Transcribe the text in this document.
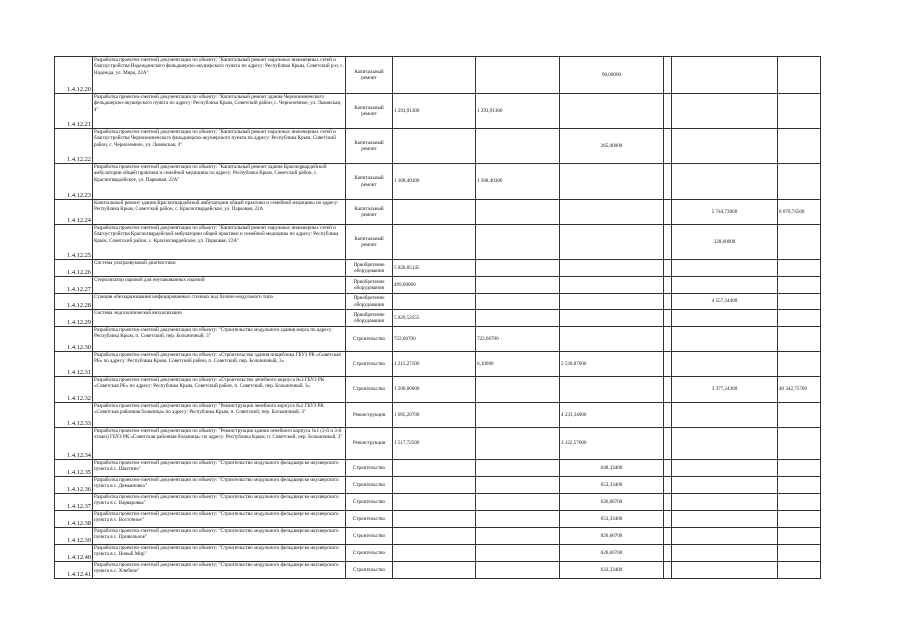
1.4.12.20	Разработка проектно-сметной документации по объекту: "Капитальный ремонт наружных инженерных сетей и благоустройства Надеждинского фельдшерско-акушерского пункта по адресу: Республика Крым, Советский р-н, с. Надежда, ул. Мира, 22А"	Капитальный ремонт			90,00000			
1.4.12.21	Разработка проектно-сметной документации по объекту: "Капитальный ремонт здания Черноземненского фельдшерско-акушерского пункта по адресу: Республика Крым, Советский район, с. Черноземное, ул. Львовская, 4"	Капитальный ремонт	1 293,91300	1 293,91300				
1.4.12.22	Разработка проектно-сметной документации по объекту: "Капитальный ремонт наружных инженерных сетей и благоустройства Черноземненского фельдшерско-акушерского пункта по адресу: Республика Крым, Советский район, с. Черноземное, ул. Львовская, 4"	Капитальный ремонт			265,00000			
1.4.12.23	Разработка проектно-сметной документации по объекту: "Капитальный ремонт здания Краснogвардейской амбулатории общей практики и семейной медицины по адресу: Республика Крым, Советский район, с. Красногвардейское, ул. Парковая, 22А"	Капитальный ремонт	1 308,40300	1 308,40300				
1.4.12.24	Капитальный ремонт здания Красногвардейской амбулатории общей практики и семейной медицины по адресу: Республика Крым, Советский район, с. Красногвардейское, ул. Парковая, 22А	Капитальный ремонт					5 744,73000	8 070,74500
1.4.12.25	Разработка проектно-сметной документации по объекту: "Капитальный ремонт наружных инженерных сетей и благоустройства Красногвардейской амбулатории общей практики и семейной медицины по адресу: Республика Крым, Советский район, с. Красногвардейское, ул. Парковая, 22А"	Капитальный ремонт					328,60000	
1.4.12.26	Система ультразвуковой диагностики	Приобретение оборудования	5 820,05145					
1.4.12.27	Стерилизатор паровой для неупакованных изделий	Приобретение оборудования	499,00000					
1.4.12.28	Станция обеззараживания инфицированных сточных вод блочно-модульного типа	Приобретение оборудования					4 557,34400	
1.4.12.29	Система эндоскопической визуализации	Приобретение оборудования	5 829,52555					
1.4.12.30	Разработка проектно-сметной документации по объекту: "Строительство модульного здания морга по адресу: Республика Крым, п. Советский, пер. Больничный, 3"	Строительство	722,66700	722,66700				
1.4.12.31	Разработка проектно-сметной документации по объекту: «Строительство здания пищеблока ГБУЗ РК «Советская РБ» по адресу: Республика Крым, Советский район, п. Советский, пер. Больничный, 3»	Строительство	1 215,27500	0,10000	2 530,87000			
1.4.12.32	Разработка проектно-сметной документации по объекту: «Строительство лечебного корпуса №3 ГБУЗ РК «Советская РБ» по адресу: Республика Крым, Советский район, п. Советский, пер. Больничный, 3»	Строительство	1 200,00000				3 377,24300	40 342,75700
1.4.12.33	Разработка проектно-сметной документации по объекту: "Реконструкция лечебного корпуса №2 ГБУЗ РК «Советская районная больница» по адресу: Республика Крым, п. Советский, пер. Больничный, 3"	Реконструкция	1 095,20700		4 233,34000			
1.4.12.34	Разработка проектно-сметной документации по объекту: "Реконструкция здания лечебного корпуса №1 (2-й и 3-й этажи) ГБУЗ РК «Советская районная больница» по адресу: Республика Крым, п. Советский, пер. Больничный, 3"	Реконструкция	1 517,72500		3 122,57000			
1.4.12.35	Разработка проектно-сметной документации по объекту: "Строительство модульного фельдшерско-акушерского пункта в с. Шахтино"	Строительство			648,33400			
1.4.12.36	Разработка проектно-сметной документации по объекту: "Строительство модульного фельдшерско-акушерского пункта в с. Демьяновка"	Строительство			653,33400			
1.4.12.37	Разработка проектно-сметной документации по объекту: "Строительство модульного фельдшерско-акушерского пункта в с. Варваровка"	Строительство			626,66700			
1.4.12.38	Разработка проектно-сметной документации по объекту: "Строительство модульного фельдшерско-акушерского пункта в с. Восточное"	Строительство			653,33400			
1.4.12.39	Разработка проектно-сметной документации по объекту: "Строительство модульного фельдшерско-акушерского пункта в с. Привольное"	Строительство			826,66700			
1.4.12.40	Разработка проектно-сметной документации по объекту: "Строительство модульного фельдшерско-акушерского пункта в с. Новый Мир"	Строительство			626,66700			
1.4.12.41	Разработка проектно-сметной документации по объекту: "Строительство модульного фельдшерско-акушерского пункта в с. Хлебное"	Строительство			633,33400			
